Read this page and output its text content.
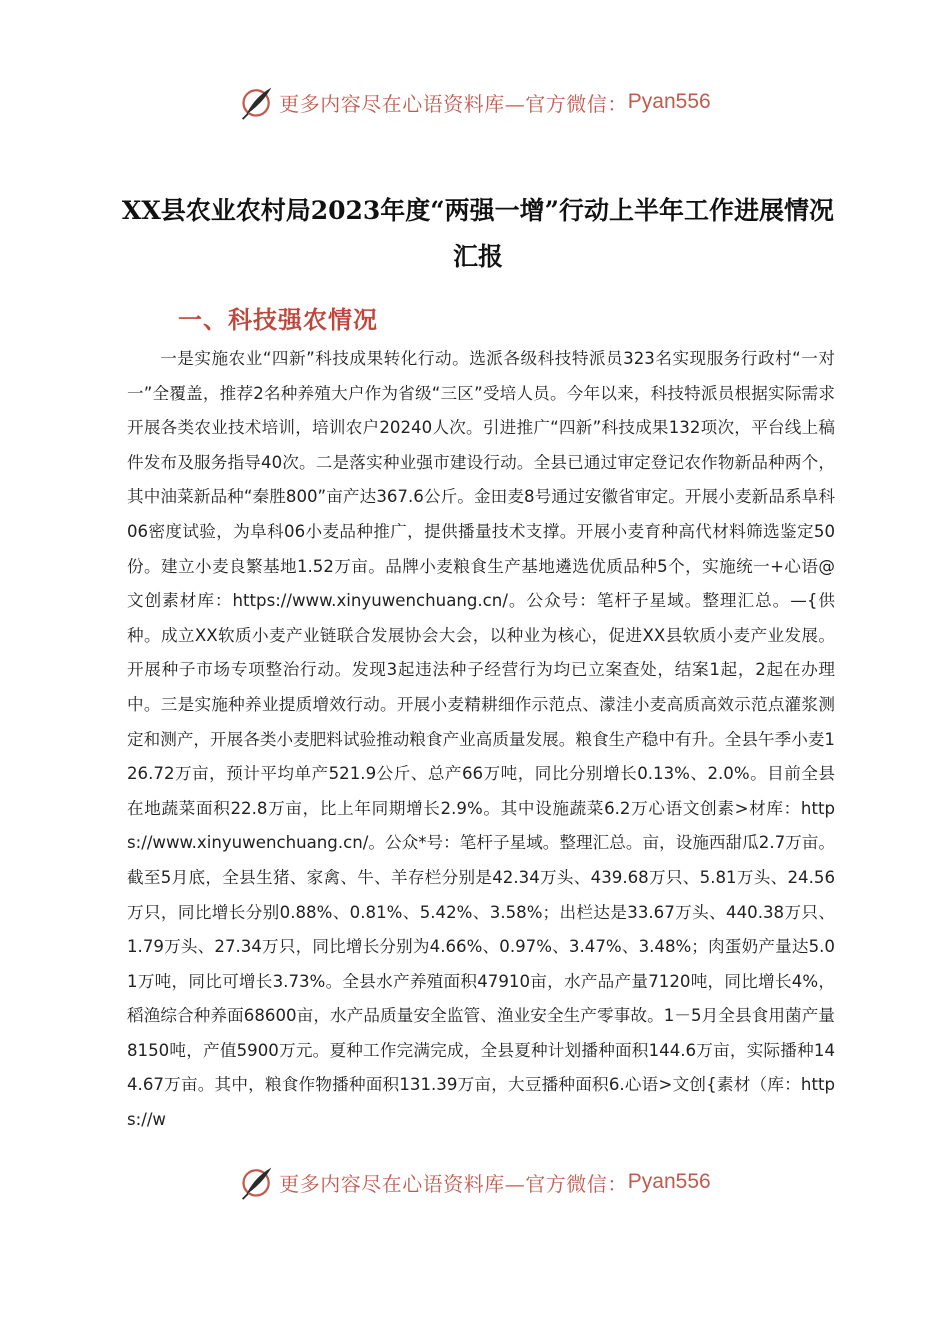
更多内容尽在心语资料库—官方微信： Pyan556
XX县农业农村局2023年度“两强一增”行动上半年工作进展情况汇报
一、科技强农情况

一是实施农业“四新”科技成果转化行动。选派各级科技特派员323名实现服务行政村“一对一”全覆盖，推荐2名种养殖大户作为省级“三区”受培人员。今年以来，科技特派员根据实际需求开展各类农业技术培训，培训农户20240人次。引进推广“四新”科技成果132项次，平台线上稿件发布及服务指导40次。二是落实种业强市建设行动。全县已通过审定登记农作物新品种两个，其中油菜新品种“秦胜800”亩产达367.6公斤。金田麦8号通过安徽省审定。开展小麦新品系阜科06密度试验，为阜科06小麦品种推广，提供播量技术支撑。开展小麦育种高代材料筛选鉴定50份。建立小麦良繁基地1.52万亩。品牌小麦粮食生产基地遴选优质品种5个，实施统一+心语@文创素材库：https://www.xinyuwenchuang.cn/。公众号：笔杆子星域。整理汇总。—{供种。成立XX软质小麦产业链联合发展协会大会，以种业为核心，促进XX县软质小麦产业发展。开展种子市场专项整治行动。发现3起违法种子经营行为均已立案查处，结案1起，2起在办理中。三是实施种养业提质增效行动。开展小麦精耕细作示范点、濛洼小麦高质高效示范点灌浆测定和测产，开展各类小麦肥料试验推动粮食产业高质量发展。粮食生产稳中有升。全县午季小麦126.72万亩，预计平均单产521.9公斤、总产66万吨，同比分别增长0.13%、2.0%。目前全县在地蔬菜面积22.8万亩，比上年同期增长2.9%。其中设施蔬菜6.2万心语文创素>材库：https://www.xinyuwenchuang.cn/。公众*号：笔杆子星域。整理汇总。亩，设施西甜瓜2.7万亩。截至5月底，全县生猪、家禽、牛、羊存栏分别是42.34万头、439.68万只、5.81万头、24.56万只，同比增长分别0.88%、0.81%、5.42%、3.58%；出栏达是33.67万头、440.38万只、1.79万头、27.34万只，同比增长分别为4.66%、0.97%、3.47%、3.48%；肉蛋奶产量达5.01万吨，同比可增长3.73%。全县水产养殖面积47910亩，水产品产量7120吨，同比增长4%，稻渔综合种养面68600亩，水产品质量安全监管、渔业安全生产零事故。1－5月全县食用菌产量8150吨，产值5900万元。夏种工作完满完成，全县夏种计划播种面积144.6万亩，实际播种144.67万亩。其中，粮食作物播种面积131.39万亩，大豆播种面积6.心语>文创{素材（库：https://w

更多内容尽在心语资料库—官方微信： Pyan556
